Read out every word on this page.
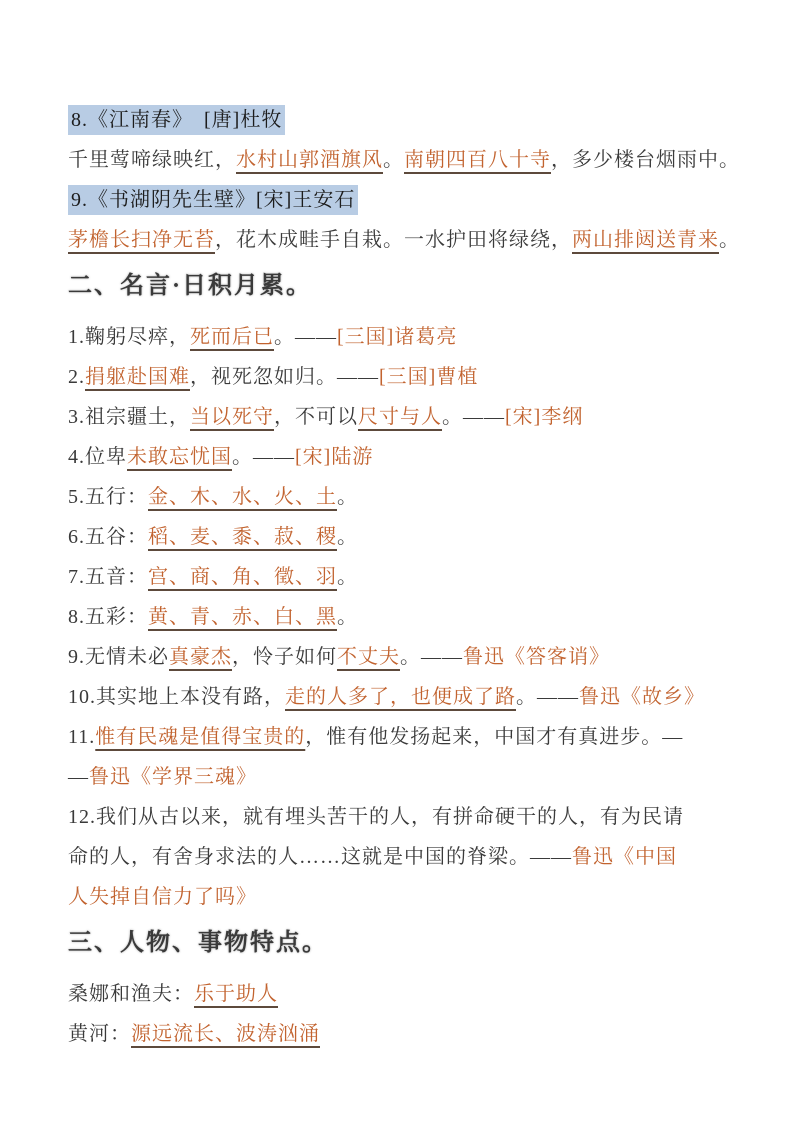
8.《江南春》　[唐]杜牧
千里莺啼绿映红，水村山郭酒旗风。南朝四百八十寺，多少楼台烟雨中。
9.《书湖阴先生壁》[宋]王安石
茅檐长扫净无苔，花木成畦手自栽。一水护田将绿绕，两山排闼送青来。
二、名言·日积月累。
1.鞠躬尽瘁，死而后已。——[三国]诸葛亮
2.捐躯赴国难，视死忽如归。——[三国]曹植
3.祖宗疆土，当以死守，不可以尺寸与人。——[宋]李纲
4.位卑未敢忘忧国。——[宋]陆游
5.五行：金、木、水、火、土。
6.五谷：稻、麦、黍、菽、稷。
7.五音：宫、商、角、徵、羽。
8.五彩：黄、青、赤、白、黑。
9.无情未必真豪杰，怜子如何不丈夫。——鲁迅《答客诮》
10.其实地上本没有路，走的人多了，也便成了路。——鲁迅《故乡》
11.惟有民魂是值得宝贵的，惟有他发扬起来，中国才有真进步。—
—鲁迅《学界三魂》
12.我们从古以来，就有埋头苦干的人，有拼命硬干的人，有为民请
命的人，有舍身求法的人……这就是中国的脊梁。——鲁迅《中国
人失掉自信力了吗》
三、人物、事物特点。
桑娜和渔夫：乐于助人
黄河：源远流长、波涛汹涌
